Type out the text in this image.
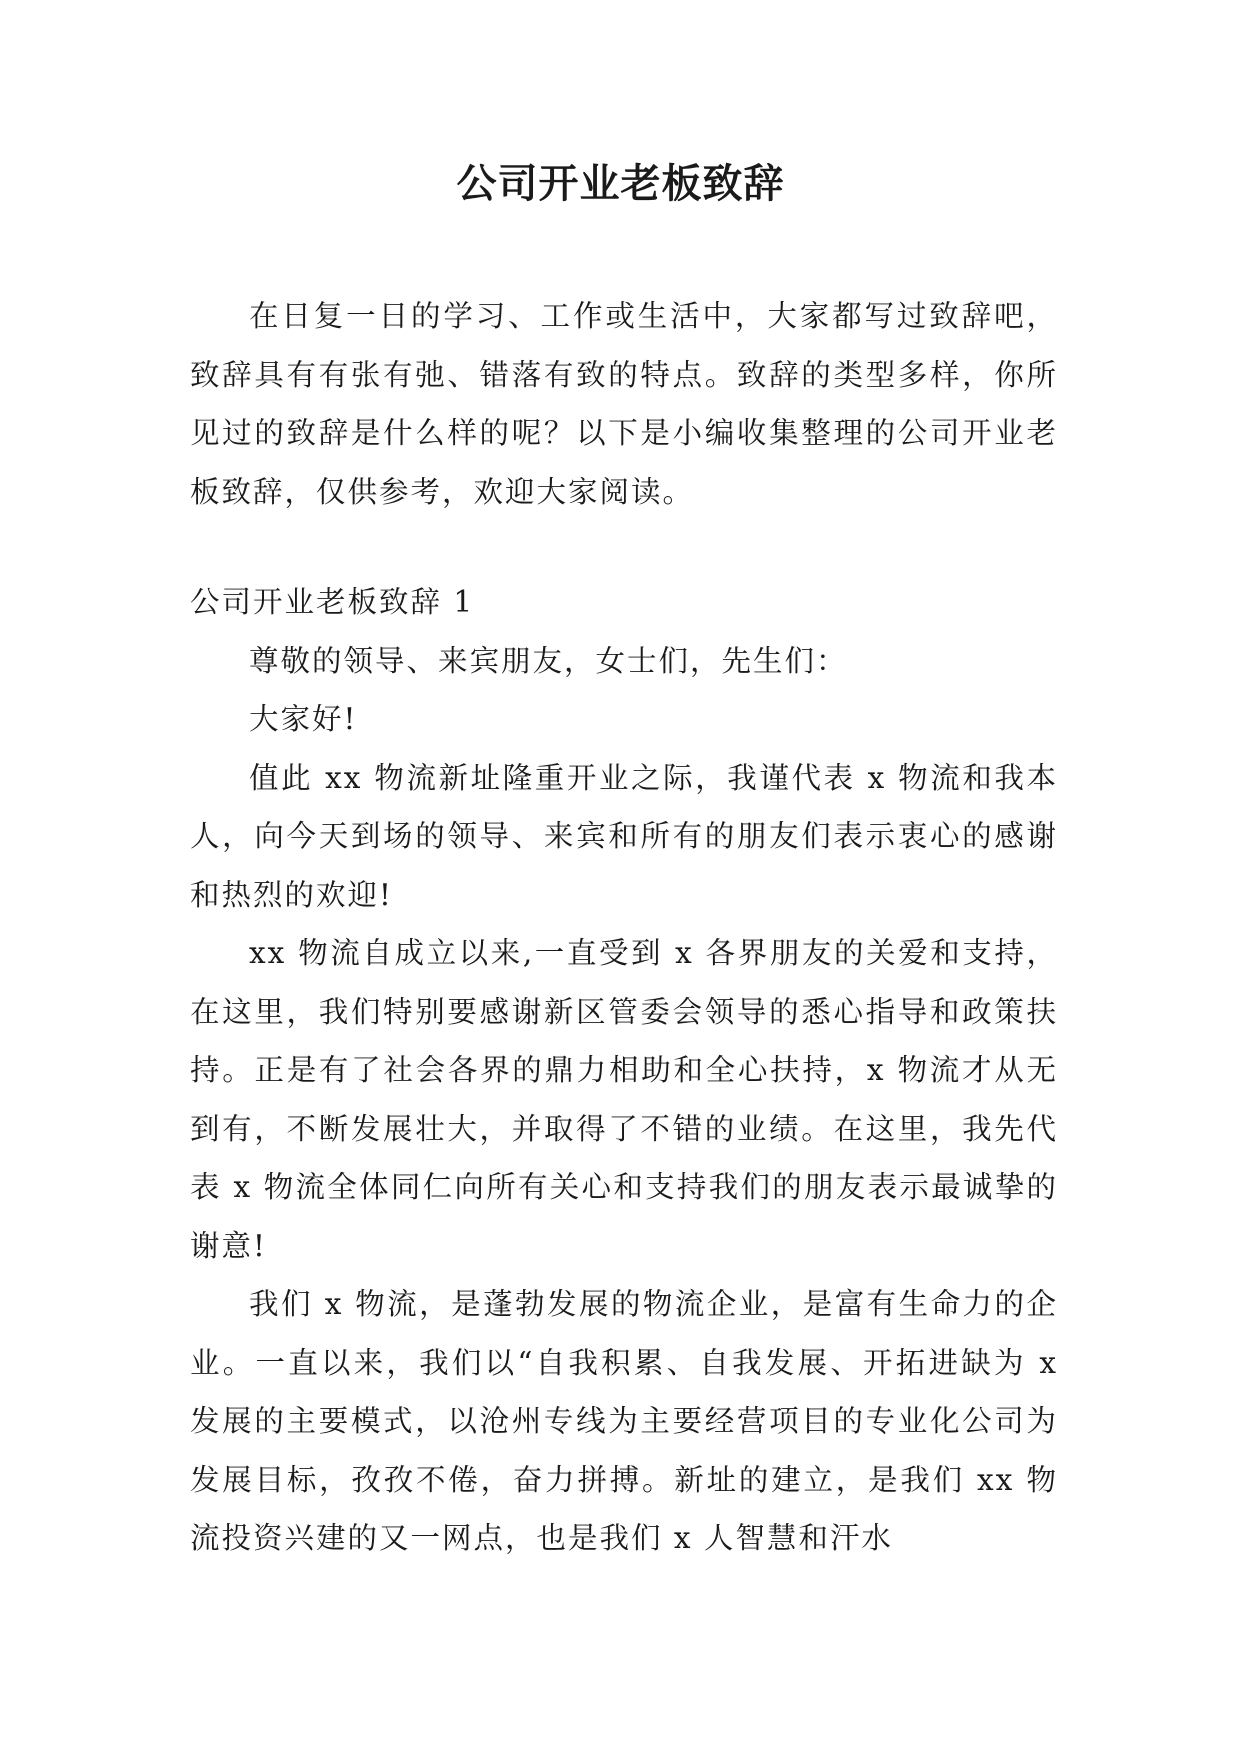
公司开业老板致辞

在日复一日的学习、工作或生活中，大家都写过致辞吧，致辞具有有张有弛、错落有致的特点。致辞的类型多样，你所见过的致辞是什么样的呢？以下是小编收集整理的公司开业老板致辞，仅供参考，欢迎大家阅读。

公司开业老板致辞 1

尊敬的领导、来宾朋友，女士们，先生们：

大家好!

值此 xx 物流新址隆重开业之际，我谨代表 x 物流和我本人，向今天到场的领导、来宾和所有的朋友们表示衷心的感谢和热烈的欢迎!

xx 物流自成立以来,一直受到 x 各界朋友的关爱和支持，在这里，我们特别要感谢新区管委会领导的悉心指导和政策扶持。正是有了社会各界的鼎力相助和全心扶持，x 物流才从无到有，不断发展壮大，并取得了不错的业绩。在这里，我先代表 x 物流全体同仁向所有关心和支持我们的朋友表示最诚挚的谢意!

我们 x 物流，是蓬勃发展的物流企业，是富有生命力的企业。一直以来，我们以“自我积累、自我发展、开拓进缺为 x 发展的主要模式，以沧州专线为主要经营项目的专业化公司为发展目标，孜孜不倦，奋力拼搏。新址的建立，是我们 xx 物流投资兴建的又一网点，也是我们 x 人智慧和汗水
